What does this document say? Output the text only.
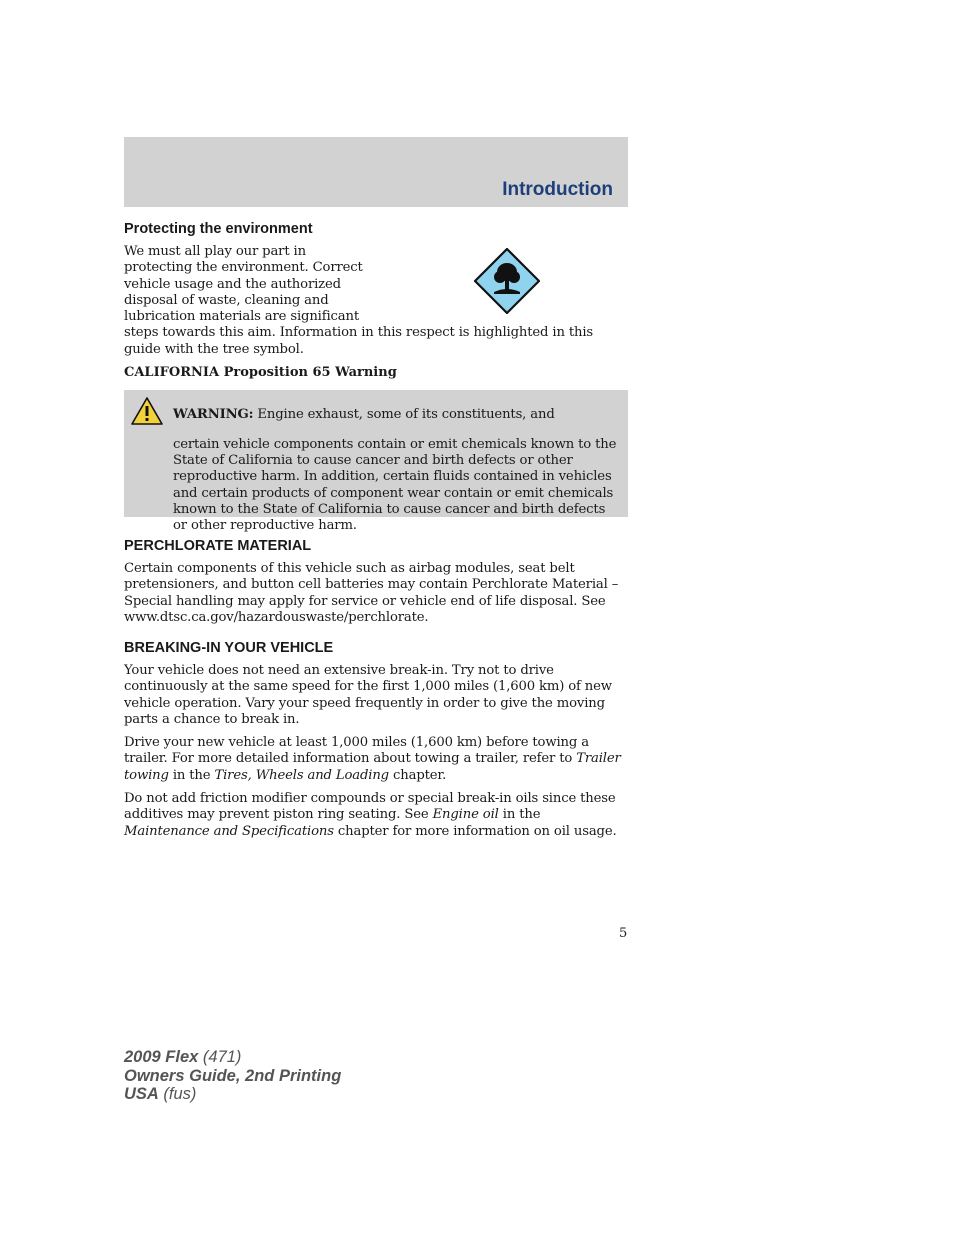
Introduction
Protecting the environment

We must all play our part in

protecting the environment. Correct

vehicle usage and the authorized

disposal of waste, cleaning and

lubrication materials are significant

steps towards this aim. Information in this respect is highlighted in this guide with the tree symbol.

CALIFORNIA Proposition 65 Warning

WARNING: Engine exhaust, some of its constituents, and

certain vehicle components contain or emit chemicals known to the State of California to cause cancer and birth defects or other reproductive harm. In addition, certain fluids contained in vehicles and certain products of component wear contain or emit chemicals known to the State of California to cause cancer and birth defects or other reproductive harm.

PERCHLORATE MATERIAL

Certain components of this vehicle such as airbag modules, seat belt pretensioners, and button cell batteries may contain Perchlorate Material – Special handling may apply for service or vehicle end of life disposal. See www.dtsc.ca.gov/hazardouswaste/perchlorate.

BREAKING-IN YOUR VEHICLE

Your vehicle does not need an extensive break-in. Try not to drive continuously at the same speed for the first 1,000 miles (1,600 km) of new vehicle operation. Vary your speed frequently in order to give the moving parts a chance to break in.

Drive your new vehicle at least 1,000 miles (1,600 km) before towing a trailer. For more detailed information about towing a trailer, refer to Trailer towing in the Tires, Wheels and Loading chapter.

Do not add friction modifier compounds or special break-in oils since these additives may prevent piston ring seating. See Engine oil in the Maintenance and Specifications chapter for more information on oil usage.

5
2009 Flex (471)
Owners Guide, 2nd Printing
USA (fus)
